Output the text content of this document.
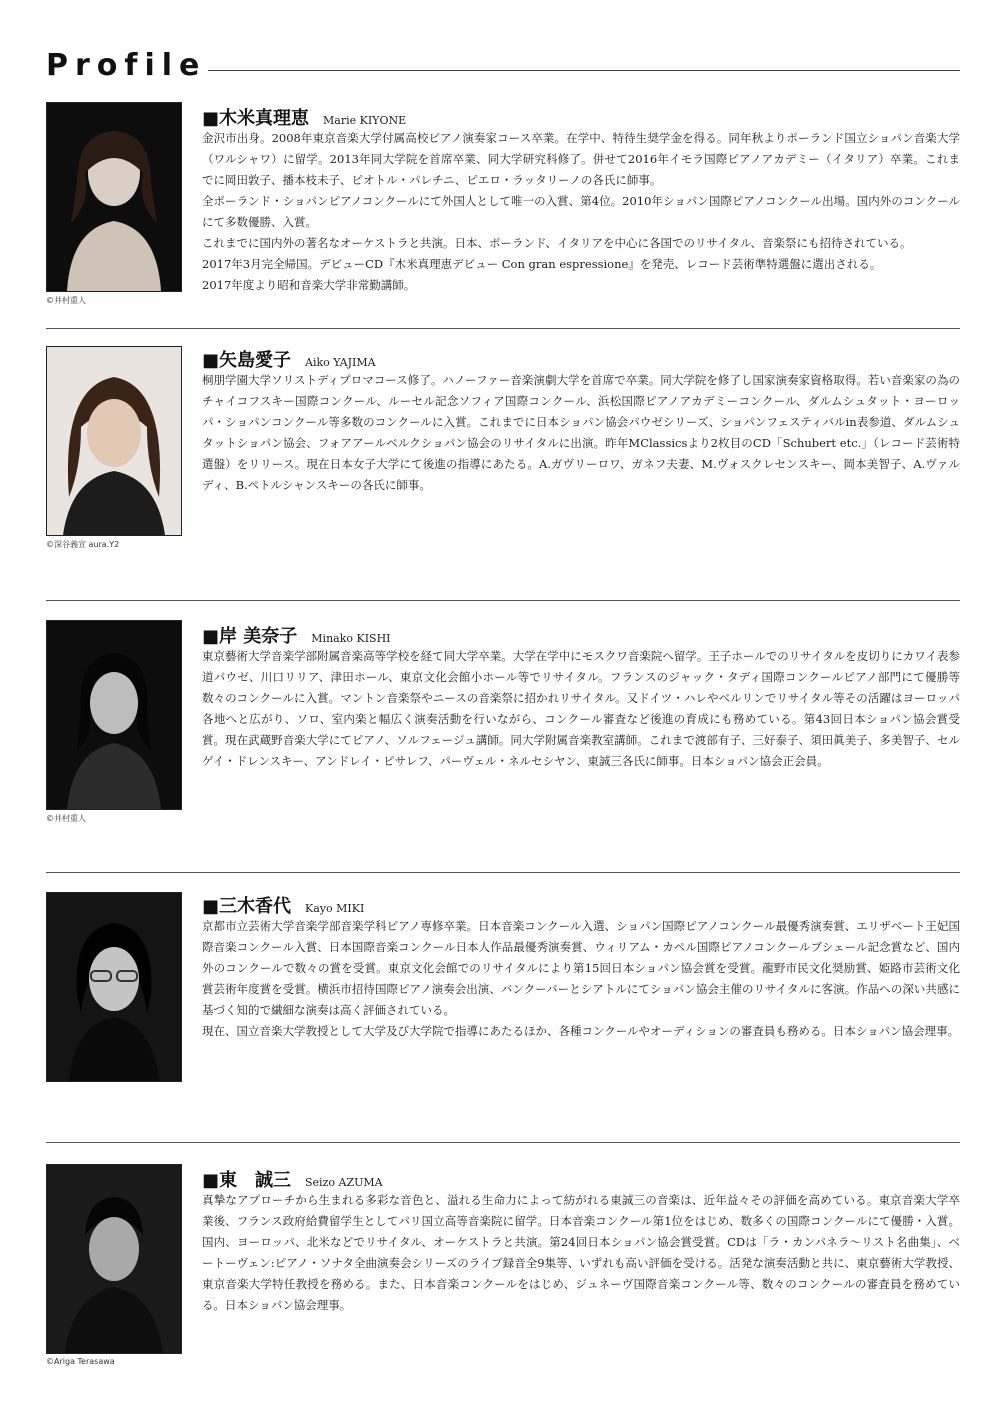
Profile
©井村重人
■木米真理恵 Marie KIYONE

金沢市出身。2008年東京音楽大学付属高校ピアノ演奏家コース卒業。在学中、特待生奨学金を得る。同年秋よりポーランド国立ショパン音楽大学（ワルシャワ）に留学。2013年同大学院を首席卒業、同大学研究科修了。併せて2016年イモラ国際ピアノアカデミー（イタリア）卒業。これまでに岡田敦子、播本枝未子、ピオトル・パレチニ、ピエロ・ラッタリーノの各氏に師事。

全ポーランド・ショパンピアノコンクールにて外国人として唯一の入賞、第4位。2010年ショパン国際ピアノコンクール出場。国内外のコンクールにて多数優勝、入賞。

これまでに国内外の著名なオーケストラと共演。日本、ポーランド、イタリアを中心に各国でのリサイタル、音楽祭にも招待されている。

2017年3月完全帰国。デビューCD『木米真理恵デビュー Con gran espressione』を発売、レコード芸術準特選盤に選出される。

2017年度より昭和音楽大学非常勤講師。

©深谷義宣 aura.Y2
■矢島愛子 Aiko YAJIMA

桐朋学園大学ソリストディプロマコース修了。ハノーファー音楽演劇大学を首席で卒業。同大学院を修了し国家演奏家資格取得。若い音楽家の為のチャイコフスキー国際コンクール、ルーセル記念ソフィア国際コンクール、浜松国際ピアノアカデミーコンクール、ダルムシュタット・ヨーロッパ・ショパンコンクール等多数のコンクールに入賞。これまでに日本ショパン協会パウゼシリーズ、ショパンフェスティバルin表参道、ダルムシュタットショパン協会、フォアアールベルクショパン協会のリサイタルに出演。昨年MClassicsより2枚目のCD「Schubert etc.」（レコード芸術特選盤）をリリース。現在日本女子大学にて後進の指導にあたる。A.ガヴリーロワ、ガネフ夫妻、M.ヴォスクレセンスキー、岡本美智子、A.ヴァルディ、B.ペトルシャンスキーの各氏に師事。

©井村重人
■岸 美奈子 Minako KISHI

東京藝術大学音楽学部附属音楽高等学校を経て同大学卒業。大学在学中にモスクワ音楽院へ留学。王子ホールでのリサイタルを皮切りにカワイ表参道パウゼ、川口リリア、津田ホール、東京文化会館小ホール等でリサイタル。フランスのジャック・タディ国際コンクールピアノ部門にて優勝等数々のコンクールに入賞。マントン音楽祭やニースの音楽祭に招かれリサイタル。又ドイツ・ハレやベルリンでリサイタル等その活躍はヨーロッパ各地へと広がり、ソロ、室内楽と幅広く演奏活動を行いながら、コンクール審査など後進の育成にも務めている。第43回日本ショパン協会賞受賞。現在武蔵野音楽大学にてピアノ、ソルフェージュ講師。同大学附属音楽教室講師。これまで渡部有子、三好泰子、須田眞美子、多美智子、セルゲイ・ドレンスキー、アンドレイ・ピサレフ、パーヴェル・ネルセシヤン、東誠三各氏に師事。日本ショパン協会正会員。

■三木香代 Kayo MIKI

京都市立芸術大学音楽学部音楽学科ピアノ専修卒業。日本音楽コンクール入選、ショパン国際ピアノコンクール最優秀演奏賞、エリザベート王妃国際音楽コンクール入賞、日本国際音楽コンクール日本人作品最優秀演奏賞、ウィリアム・カペル国際ピアノコンクールブシェール記念賞など、国内外のコンクールで数々の賞を受賞。東京文化会館でのリサイタルにより第15回日本ショパン協会賞を受賞。龍野市民文化奨励賞、姫路市芸術文化賞芸術年度賞を受賞。横浜市招待国際ピアノ演奏会出演、バンクーバーとシアトルにてショパン協会主催のリサイタルに客演。作品への深い共感に基づく知的で繊細な演奏は高く評価されている。

現在、国立音楽大学教授として大学及び大学院で指導にあたるほか、各種コンクールやオーディションの審査員も務める。日本ショパン協会理事。

©Ariga Terasawa
■東　誠三 Seizo AZUMA

真摯なアプローチから生まれる多彩な音色と、溢れる生命力によって紡がれる東誠三の音楽は、近年益々その評価を高めている。東京音楽大学卒業後、フランス政府給費留学生としてパリ国立高等音楽院に留学。日本音楽コンクール第1位をはじめ、数多くの国際コンクールにて優勝・入賞。国内、ヨーロッパ、北米などでリサイタル、オーケストラと共演。第24回日本ショパン協会賞受賞。CDは「ラ・カンパネラ〜リスト名曲集」、ベートーヴェン:ピアノ・ソナタ全曲演奏会シリーズのライブ録音全9集等、いずれも高い評価を受ける。活発な演奏活動と共に、東京藝術大学教授、東京音楽大学特任教授を務める。また、日本音楽コンクールをはじめ、ジュネーヴ国際音楽コンクール等、数々のコンクールの審査員を務めている。日本ショパン協会理事。
